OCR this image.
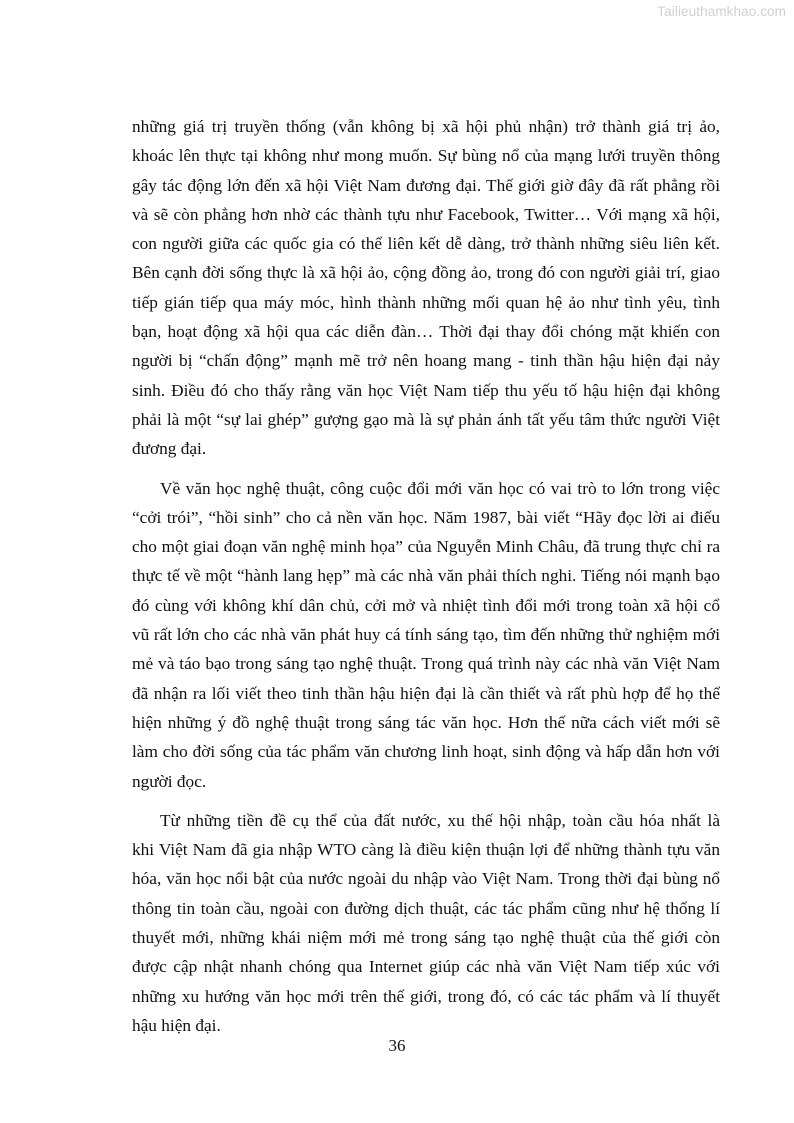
Tailieuthamkhao.com

những giá trị truyền thống (vẫn không bị xã hội phủ nhận) trở thành giá trị ảo,
khoác lên thực tại không như mong muốn. Sự bùng nổ của mạng lưới truyền thông
gây tác động lớn đến xã hội Việt Nam đương đại. Thế giới giờ đây đã rất phẳng rồi
và sẽ còn phẳng hơn nhờ các thành tựu như Facebook, Twitter… Với mạng xã hội,
con người giữa các quốc gia có thể liên kết dễ dàng, trở thành những siêu liên kết.
Bên cạnh đời sống thực là xã hội ảo, cộng đồng ảo, trong đó con người giải trí, giao
tiếp gián tiếp qua máy móc, hình thành những mối quan hệ ảo như tình yêu, tình
bạn, hoạt động xã hội qua các diễn đàn… Thời đại thay đổi chóng mặt khiến con
người bị “chấn động” mạnh mẽ trở nên hoang mang - tinh thần hậu hiện đại nảy
sinh. Điều đó cho thấy rằng văn học Việt Nam tiếp thu yếu tố hậu hiện đại không
phải là một “sự lai ghép” gượng gạo mà là sự phản ánh tất yếu tâm thức người Việt
đương đại.

Về văn học nghệ thuật, công cuộc đổi mới văn học có vai trò to lớn trong việc
“cởi trói”, “hồi sinh” cho cả nền văn học. Năm 1987, bài viết “Hãy đọc lời ai điếu
cho một giai đoạn văn nghệ minh họa” của Nguyễn Minh Châu, đã trung thực chỉ ra
thực tế về một “hành lang hẹp” mà các nhà văn phải thích nghi. Tiếng nói mạnh bạo
đó cùng với không khí dân chủ, cởi mở và nhiệt tình đổi mới trong toàn xã hội cổ
vũ rất lớn cho các nhà văn phát huy cá tính sáng tạo, tìm đến những thử nghiệm mới
mẻ và táo bạo trong sáng tạo nghệ thuật. Trong quá trình này các nhà văn Việt Nam
đã nhận ra lối viết theo tinh thần hậu hiện đại là cần thiết và rất phù hợp để họ thể
hiện những ý đồ nghệ thuật trong sáng tác văn học. Hơn thế nữa cách viết mới sẽ
làm cho đời sống của tác phẩm văn chương linh hoạt, sinh động và hấp dẫn hơn với
người đọc.

Từ những tiền đề cụ thể của đất nước, xu thế hội nhập, toàn cầu hóa nhất là
khi Việt Nam đã gia nhập WTO càng là điều kiện thuận lợi để những thành tựu văn
hóa, văn học nổi bật của nước ngoài du nhập vào Việt Nam. Trong thời đại bùng nổ
thông tin toàn cầu, ngoài con đường dịch thuật, các tác phẩm cũng như hệ thống lí
thuyết mới, những khái niệm mới mẻ trong sáng tạo nghệ thuật của thế giới còn
được cập nhật nhanh chóng qua Internet giúp các nhà văn Việt Nam tiếp xúc với
những xu hướng văn học mới trên thế giới, trong đó, có các tác phẩm và lí thuyết
hậu hiện đại.

36
